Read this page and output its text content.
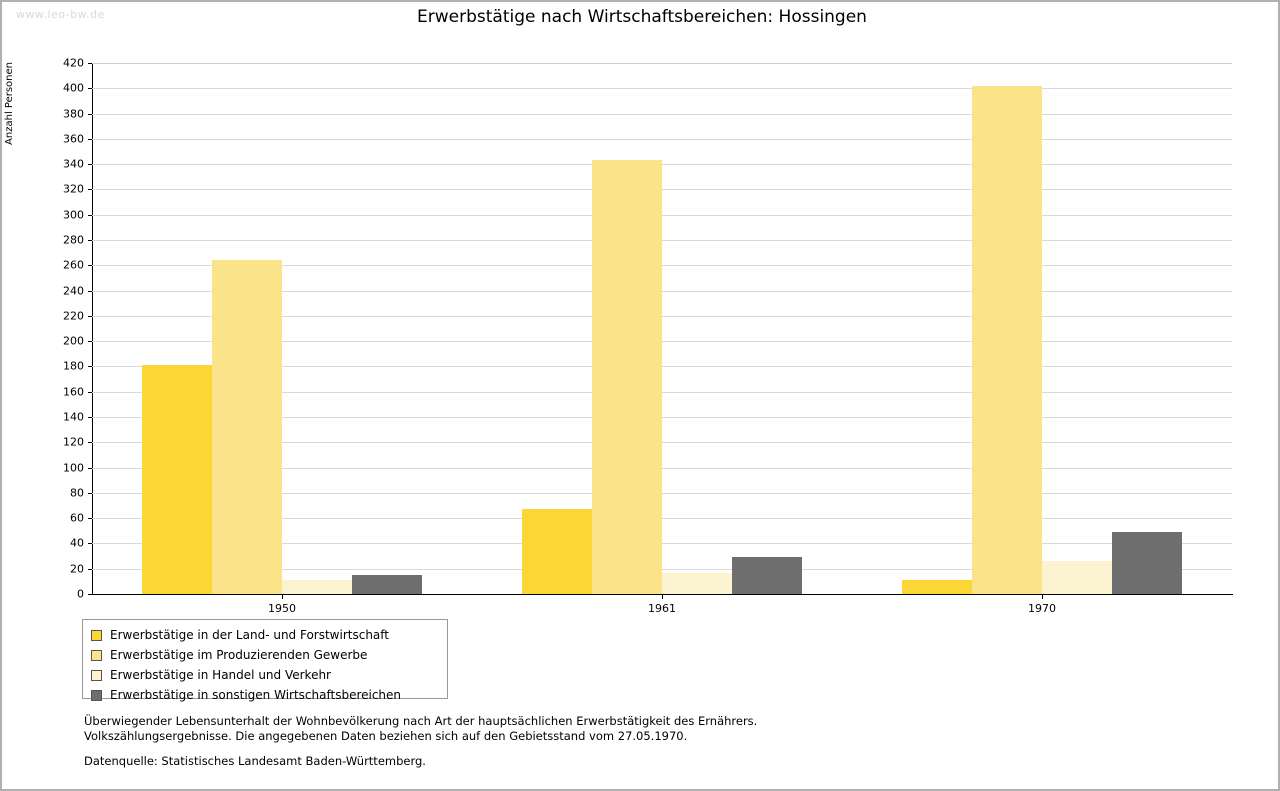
www.leo-bw.de	Erwerbstätige nach Wirtschaftsbereichen: Hossingen
Anzahl Personen
0
20
40
60
80
100
120
140
160
180
200
220
240
260
280
300
320
340
360
380
400
420
1950	1961	1970
Erwerbstätige in der Land- und Forstwirtschaft
Erwerbstätige im Produzierenden Gewerbe
Erwerbstätige in Handel und Verkehr
Erwerbstätige in sonstigen Wirtschaftsbereichen
Überwiegender Lebensunterhalt der Wohnbevölkerung nach Art der hauptsächlichen Erwerbstätigkeit des Ernährers.
Volkszählungsergebnisse. Die angegebenen Daten beziehen sich auf den Gebietsstand vom 27.05.1970.
Datenquelle: Statistisches Landesamt Baden-Württemberg.
